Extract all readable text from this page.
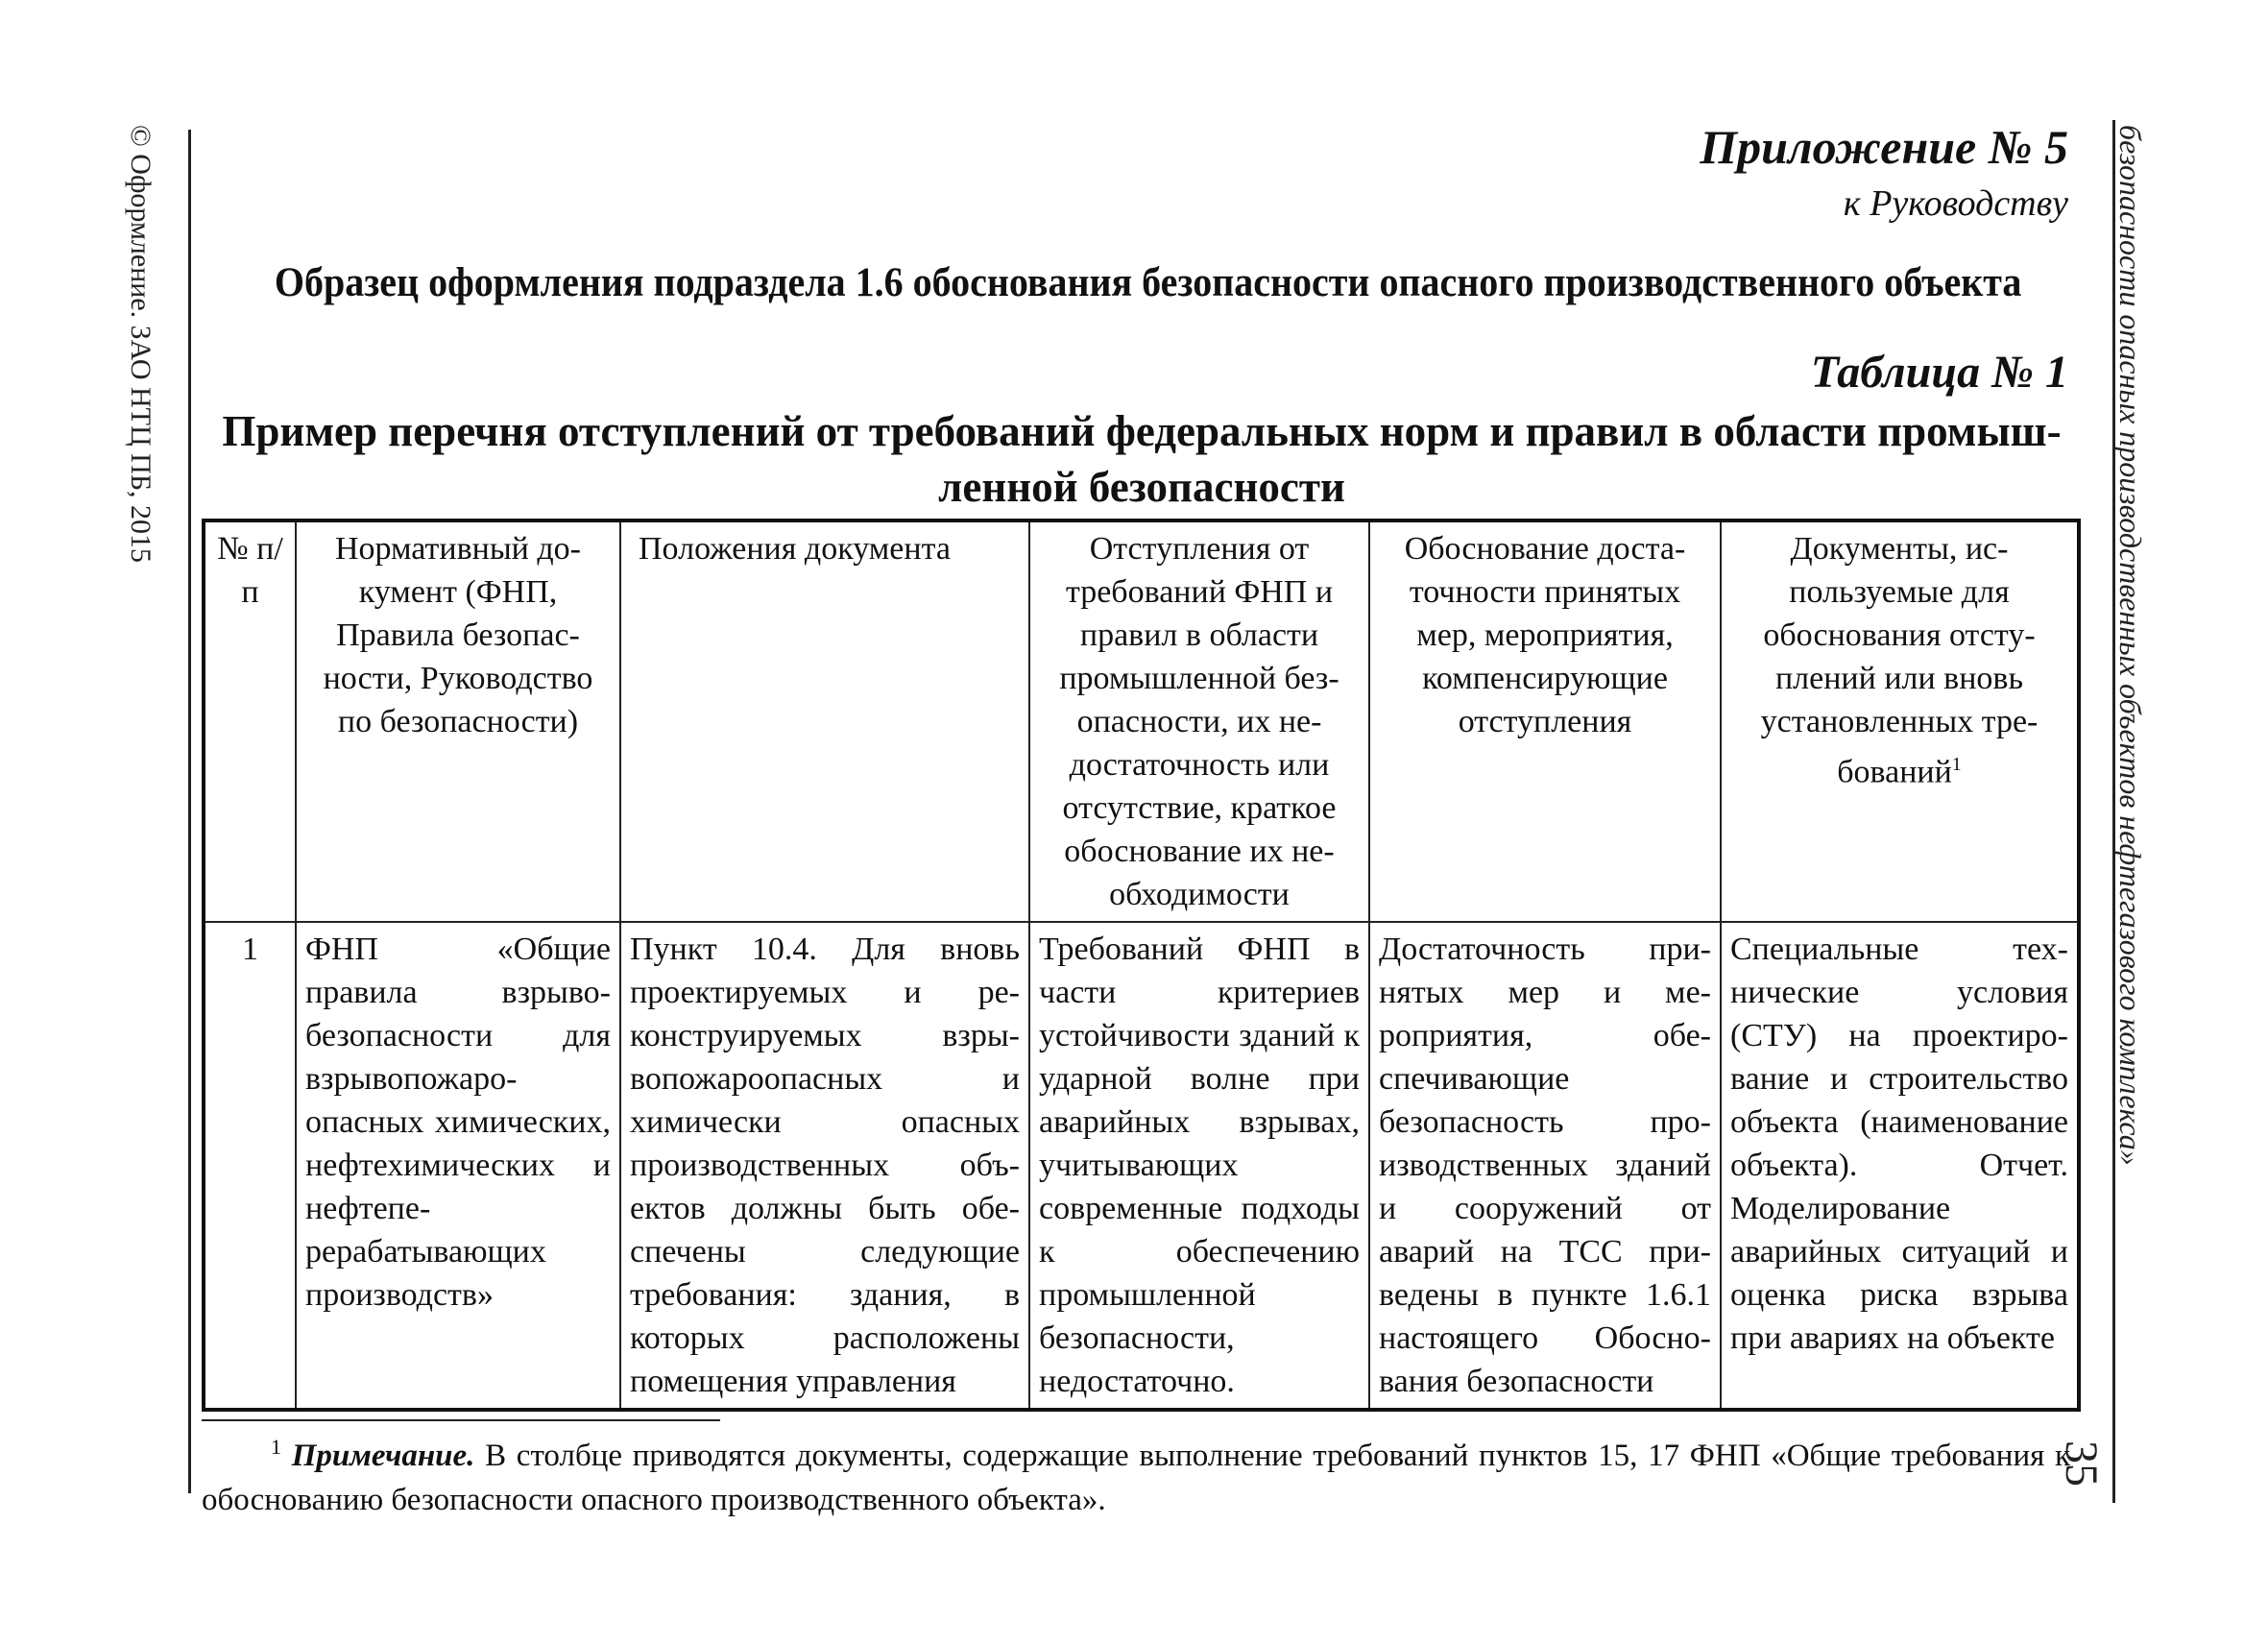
© Оформление. ЗАО НТЦ ПБ, 2015	безопасности опасных производственных объектов нефтегазового комплекса»
35
Приложение № 5
к Руководству
Образец оформления подраздела 1.6 обоснования безопасности опасного производственного объекта
Таблица № 1
Пример перечня отступлений от требований федеральных норм и правил в области промышленной безопасности
№ п/п	Нормативный документ (ФНП, Правила безопасности, Руководство по безопасности)	Положения документа	Отступления от требований ФНП и правил в области промышленной безопасности, их недостаточность или отсутствие, краткое обоснование их необходимости	Обоснование достаточности принятых мер, мероприятия, компенсирующие отступления	Документы, используемые для обоснования отступлений или вновь установленных требований$^1$
1	ФНП «Общие правила взрывобезопасности для взрывопожароопасных химических, нефтехимических и нефтеперерабатывающих производств»	Пункт 10.4. Для вновь проектируемых и реконструируемых взрывопожароопасных и химически опасных производственных объектов должны быть обеспечены следующие требования: здания, в которых расположены помещения управления	Требований ФНП в части критериев устойчивости зданий к ударной волне при аварийных взрывах, учитывающих современные подходы к обеспечению промышленной безопасности, недостаточно.	Достаточность принятых мер и мероприятия, обеспечивающие безопасность производственных зданий и сооружений от аварий на ТСС приведены в пункте 1.6.1 настоящего Обоснования безопасности	Специальные технические условия (СТУ) на проектирование и строительство объекта (наименование объекта). Отчет. Моделирование аварийных ситуаций и оценка риска взрыва при авариях на объекте
$^1$ Примечание. В столбце приводятся документы, содержащие выполнение требований пунктов 15, 17 ФНП «Общие требования к обоснованию безопасности опасного производственного объекта».
